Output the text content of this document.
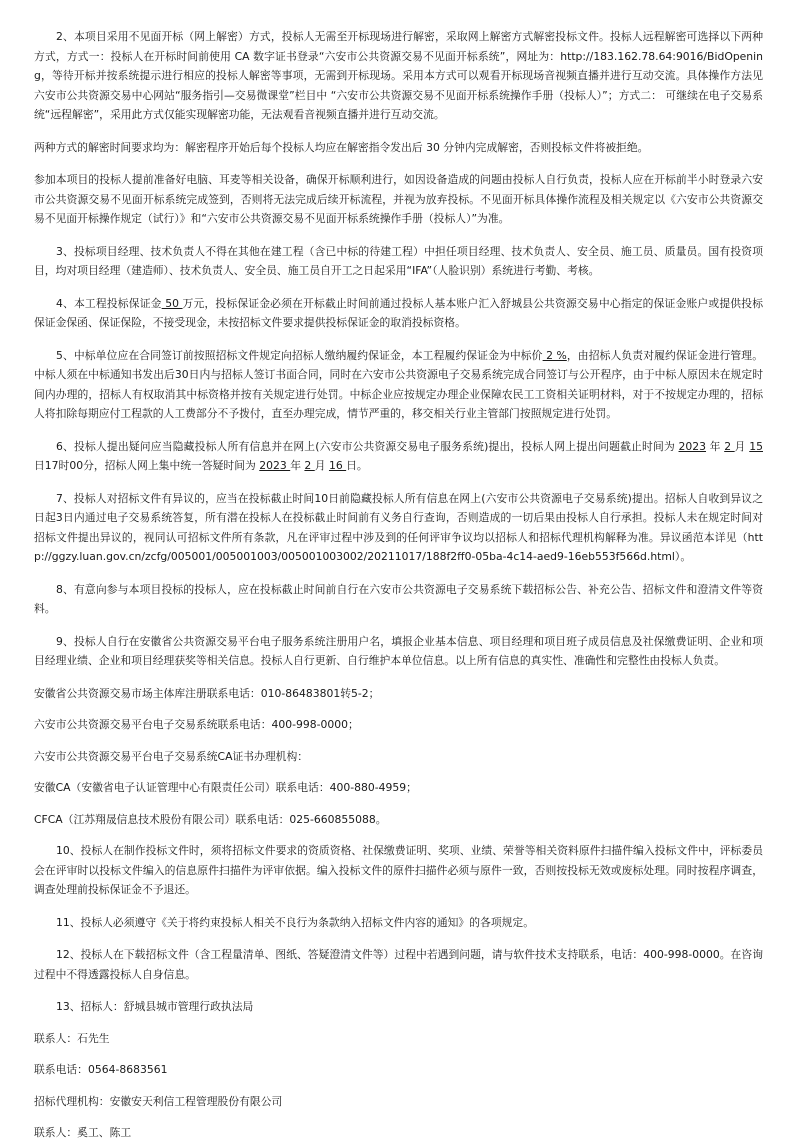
2、本项目采用不见面开标（网上解密）方式，投标人无需至开标现场进行解密，采取网上解密方式解密投标文件。投标人远程解密可选择以下两种方式，方式一：投标人在开标时间前使用 CA 数字证书登录“六安市公共资源交易不见面开标系统”，网址为：http://183.162.78.64:9016/BidOpening，等待开标并按系统提示进行相应的投标人解密等事项，无需到开标现场。采用本方式可以观看开标现场音视频直播并进行互动交流。具体操作方法见六安市公共资源交易中心网站“服务指引—交易微课堂”栏目中 “六安市公共资源交易不见面开标系统操作手册（投标人）”；方式二： 可继续在电子交易系统“远程解密”，采用此方式仅能实现解密功能，无法观看音视频直播并进行互动交流。

两种方式的解密时间要求均为：解密程序开始后每个投标人均应在解密指令发出后 30 分钟内完成解密，否则投标文件将被拒绝。

参加本项目的投标人提前准备好电脑、耳麦等相关设备，确保开标顺利进行，如因设备造成的问题由投标人自行负责，投标人应在开标前半小时登录六安市公共资源交易不见面开标系统完成签到，否则将无法完成后续开标流程，并视为放弃投标。不见面开标具体操作流程及相关规定以《六安市公共资源交易不见面开标操作规定（试行）》和“六安市公共资源交易不见面开标系统操作手册（投标人）”为准。

3、投标项目经理、技术负责人不得在其他在建工程（含已中标的待建工程）中担任项目经理、技术负责人、安全员、施工员、质量员。国有投资项目，均对项目经理（建造师）、技术负责人、安全员、施工员自开工之日起采用“IFA”（人脸识别）系统进行考勤、考核。

4、本工程投标保证金 50 万元，投标保证金必须在开标截止时间前通过投标人基本账户汇入舒城县公共资源交易中心指定的保证金账户或提供投标保证金保函、保证保险，不接受现金，未按招标文件要求提供投标保证金的取消投标资格。

5、中标单位应在合同签订前按照招标文件规定向招标人缴纳履约保证金，本工程履约保证金为中标价 2 %，由招标人负责对履约保证金进行管理。中标人须在中标通知书发出后30日内与招标人签订书面合同，同时在六安市公共资源电子交易系统完成合同签订与公开程序，由于中标人原因未在规定时间内办理的，招标人有权取消其中标资格并按有关规定进行处罚。中标企业应按规定办理企业保障农民工工资相关证明材料，对于不按规定办理的，招标人将扣除每期应付工程款的人工费部分不予拨付，直至办理完成，情节严重的，移交相关行业主管部门按照规定进行处罚。

6、投标人提出疑问应当隐藏投标人所有信息并在网上(六安市公共资源交易电子服务系统)提出，投标人网上提出问题截止时间为 2023 年 2 月 15 日17时00分，招标人网上集中统一答疑时间为 2023 年 2 月 16 日。

7、投标人对招标文件有异议的，应当在投标截止时间10日前隐藏投标人所有信息在网上(六安市公共资源电子交易系统)提出。招标人自收到异议之日起3日内通过电子交易系统答复，所有潜在投标人在投标截止时间前有义务自行查询，否则造成的一切后果由投标人自行承担。投标人未在规定时间对招标文件提出异议的，视同认可招标文件所有条款，凡在评审过程中涉及到的任何评审争议均以招标人和招标代理机构解释为准。异议函范本详见（http://ggzy.luan.gov.cn/zcfg/005001/005001003/005001003002/20211017/188f2ff0-05ba-4c14-aed9-16eb553f566d.html）。

8、有意向参与本项目投标的投标人，应在投标截止时间前自行在六安市公共资源电子交易系统下载招标公告、补充公告、招标文件和澄清文件等资料。

9、投标人自行在安徽省公共资源交易平台电子服务系统注册用户名，填报企业基本信息、项目经理和项目班子成员信息及社保缴费证明、企业和项目经理业绩、企业和项目经理获奖等相关信息。投标人自行更新、自行维护本单位信息。以上所有信息的真实性、准确性和完整性由投标人负责。

安徽省公共资源交易市场主体库注册联系电话：010-86483801转5-2；
六安市公共资源交易平台电子交易系统联系电话：400-998-0000；
六安市公共资源交易平台电子交易系统CA证书办理机构：
安徽CA（安徽省电子认证管理中心有限责任公司）联系电话：400-880-4959；
CFCA（江苏翔晟信息技术股份有限公司）联系电话：025-660855088。

10、投标人在制作投标文件时，须将招标文件要求的资质资格、社保缴费证明、奖项、业绩、荣誉等相关资料原件扫描件编入投标文件中，评标委员会在评审时以投标文件编入的信息原件扫描件为评审依据。编入投标文件的原件扫描件必须与原件一致，否则按投标无效或废标处理。同时按程序调查，调查处理前投标保证金不予退还。

11、投标人必须遵守《关于将约束投标人相关不良行为条款纳入招标文件内容的通知》的各项规定。

12、投标人在下载招标文件（含工程量清单、图纸、答疑澄清文件等）过程中若遇到问题，请与软件技术支持联系，电话：400-998-0000。在咨询过程中不得透露投标人自身信息。

13、招标人：舒城县城市管理行政执法局
联系人：石先生
联系电话：0564-8683561
招标代理机构：安徽安天利信工程管理股份有限公司
联系人：奚工、陈工
